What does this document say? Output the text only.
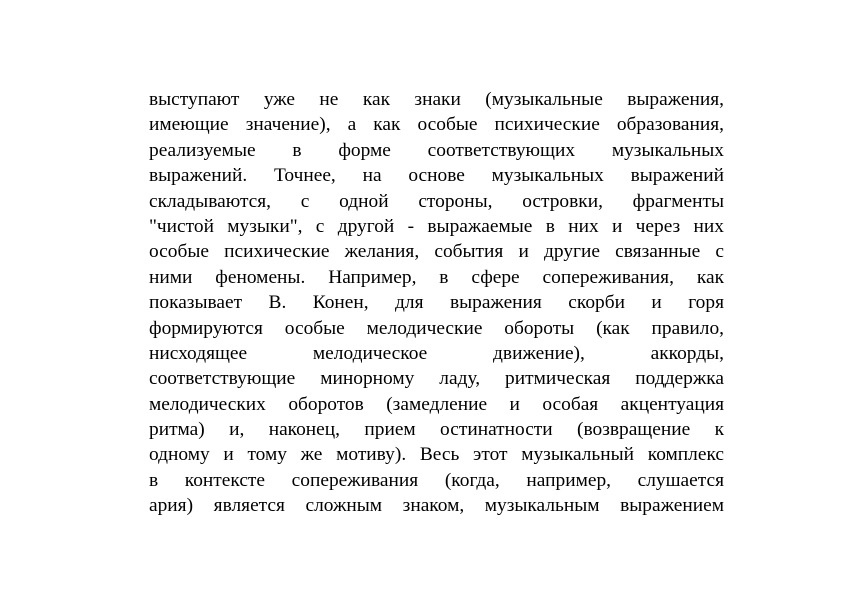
выступают уже не как знаки (музыкальные выражения,
имеющие значение), а как особые психические образования,
реализуемые в форме соответствующих музыкальных
выражений. Точнее, на основе музыкальных выражений
складываются, с одной стороны, островки, фрагменты
"чистой музыки", с другой - выражаемые в них и через них
особые психические желания, события и другие связанные с
ними феномены. Например, в сфере сопереживания, как
показывает В. Конен, для выражения скорби и горя
формируются особые мелодические обороты (как правило,
нисходящее мелодическое движение), аккорды,
соответствующие минорному ладу, ритмическая поддержка
мелодических оборотов (замедление и особая акцентуация
ритма) и, наконец, прием остинатности (возвращение к
одному и тому же мотиву). Весь этот музыкальный комплекс
в контексте сопереживания (когда, например, слушается
ария) является сложным знаком, музыкальным выражением
